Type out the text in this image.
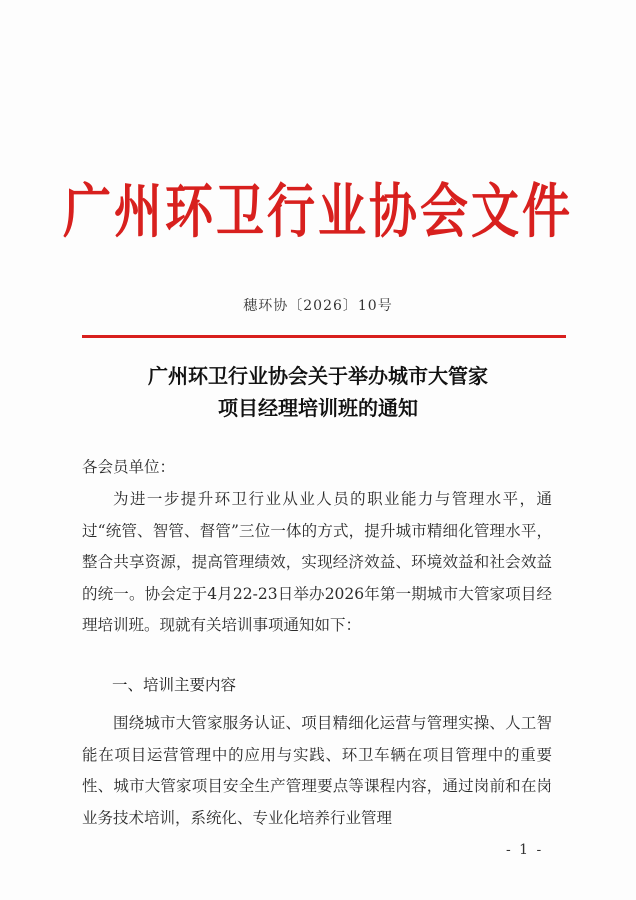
广州环卫行业协会文件
穗环协〔2026〕10号
广州环卫行业协会关于举办城市大管家
项目经理培训班的通知
各会员单位：
为进一步提升环卫行业从业人员的职业能力与管理水平，通过“统管、智管、督管”三位一体的方式，提升城市精细化管理水平，整合共享资源，提高管理绩效，实现经济效益、环境效益和社会效益的统一。协会定于4月22-23日举办2026年第一期城市大管家项目经理培训班。现就有关培训事项通知如下：
一、培训主要内容
围绕城市大管家服务认证、项目精细化运营与管理实操、人工智能在项目运营管理中的应用与实践、环卫车辆在项目管理中的重要性、城市大管家项目安全生产管理要点等课程内容，通过岗前和在岗业务技术培训，系统化、专业化培养行业管理
- 1 -
